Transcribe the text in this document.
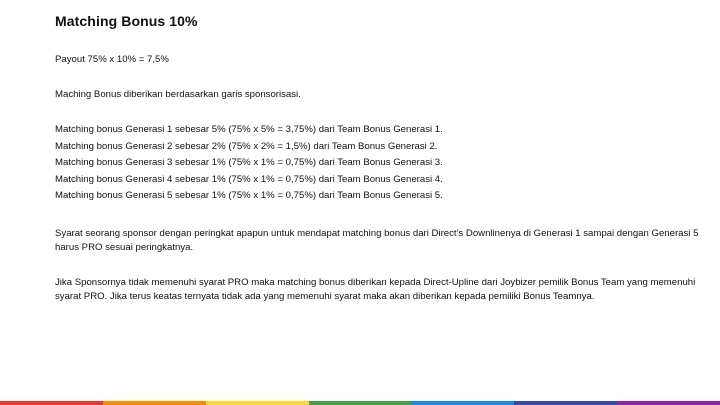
Matching Bonus 10%
Payout 75% x 10% = 7,5%
Maching Bonus diberikan berdasarkan garis sponsorisasi.
Matching bonus Generasi 1 sebesar 5% (75% x 5% = 3,75%) dari Team Bonus Generasi 1.
Matching bonus Generasi 2 sebesar 2% (75% x 2% = 1,5%) dari Team Bonus Generasi 2.
Matching bonus Generasi 3 sebesar 1% (75% x 1% = 0,75%) dari Team Bonus Generasi 3.
Matching bonus Generasi 4 sebesar 1% (75% x 1% = 0,75%) dari Team Bonus Generasi 4.
Matching bonus Generasi 5 sebesar 1% (75% x 1% = 0,75%) dari Team Bonus Generasi 5.
Syarat seorang sponsor dengan peringkat apapun untuk mendapat matching bonus dari Direct's Downlinenya di Generasi 1 sampai dengan Generasi 5 harus PRO sesuai peringkatnya.
Jika Sponsornya tidak memenuhi syarat PRO maka matching bonus diberikan kepada Direct-Upline dari Joybizer pemilik Bonus Team yang memenuhi syarat PRO. Jika terus keatas ternyata tidak ada yang memenuhi syarat maka akan diberikan kepada pemiliki Bonus Teamnya.
